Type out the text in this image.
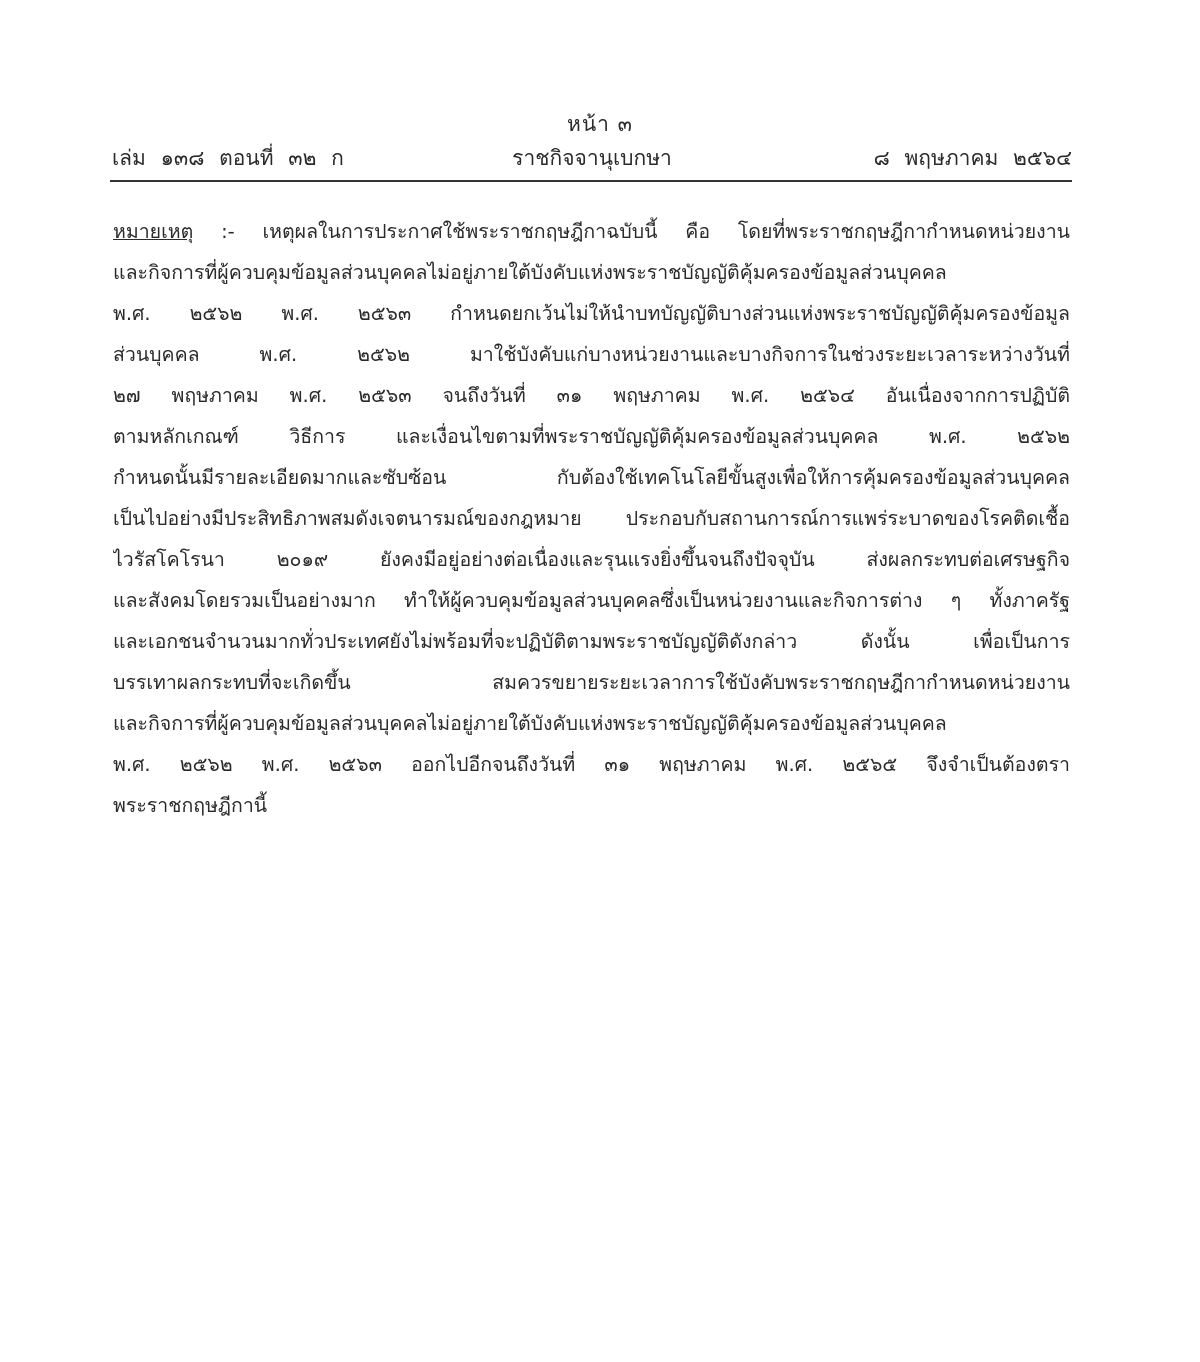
หน้า ๓
เล่ม ๑๓๘ ตอนที่ ๓๒ ก	ราชกิจจานุเบกษา	๘ พฤษภาคม ๒๕๖๔
หมายเหตุ :- เหตุผลในการประกาศใช้พระราชกฤษฎีกาฉบับนี้ คือ โดยที่พระราชกฤษฎีกากำหนดหน่วยงาน
และกิจการที่ผู้ควบคุมข้อมูลส่วนบุคคลไม่อยู่ภายใต้บังคับแห่งพระราชบัญญัติคุ้มครองข้อมูลส่วนบุคคล
พ.ศ. ๒๕๖๒ พ.ศ. ๒๕๖๓ กำหนดยกเว้นไม่ให้นำบทบัญญัติบางส่วนแห่งพระราชบัญญัติคุ้มครองข้อมูล
ส่วนบุคคล พ.ศ. ๒๕๖๒ มาใช้บังคับแก่บางหน่วยงานและบางกิจการในช่วงระยะเวลาระหว่างวันที่
๒๗ พฤษภาคม พ.ศ. ๒๕๖๓ จนถึงวันที่ ๓๑ พฤษภาคม พ.ศ. ๒๕๖๔ อันเนื่องจากการปฏิบัติ
ตามหลักเกณฑ์ วิธีการ และเงื่อนไขตามที่พระราชบัญญัติคุ้มครองข้อมูลส่วนบุคคล พ.ศ. ๒๕๖๒
กำหนดนั้นมีรายละเอียดมากและซับซ้อน กับต้องใช้เทคโนโลยีขั้นสูงเพื่อให้การคุ้มครองข้อมูลส่วนบุคคล
เป็นไปอย่างมีประสิทธิภาพสมดังเจตนารมณ์ของกฎหมาย ประกอบกับสถานการณ์การแพร่ระบาดของโรคติดเชื้อ
ไวรัสโคโรนา ๒๐๑๙ ยังคงมีอยู่อย่างต่อเนื่องและรุนแรงยิ่งขึ้นจนถึงปัจจุบัน ส่งผลกระทบต่อเศรษฐกิจ
และสังคมโดยรวมเป็นอย่างมาก ทำให้ผู้ควบคุมข้อมูลส่วนบุคคลซึ่งเป็นหน่วยงานและกิจการต่าง ๆ ทั้งภาครัฐ
และเอกชนจำนวนมากทั่วประเทศยังไม่พร้อมที่จะปฏิบัติตามพระราชบัญญัติดังกล่าว ดังนั้น เพื่อเป็นการ
บรรเทาผลกระทบที่จะเกิดขึ้น สมควรขยายระยะเวลาการใช้บังคับพระราชกฤษฎีกากำหนดหน่วยงาน
และกิจการที่ผู้ควบคุมข้อมูลส่วนบุคคลไม่อยู่ภายใต้บังคับแห่งพระราชบัญญัติคุ้มครองข้อมูลส่วนบุคคล
พ.ศ. ๒๕๖๒ พ.ศ. ๒๕๖๓ ออกไปอีกจนถึงวันที่ ๓๑ พฤษภาคม พ.ศ. ๒๕๖๕ จึงจำเป็นต้องตรา
พระราชกฤษฎีกานี้
